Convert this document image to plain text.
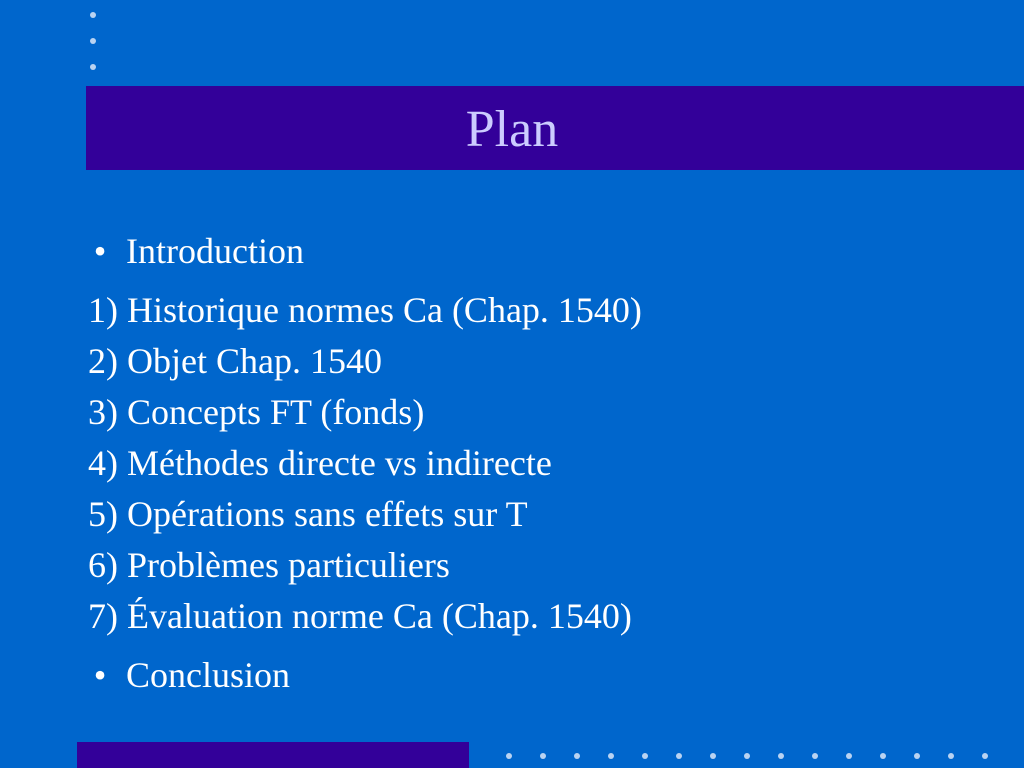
Plan
• Introduction
1) Historique normes Ca (Chap. 1540)
2) Objet Chap. 1540
3) Concepts FT (fonds)
4) Méthodes directe vs indirecte
5) Opérations sans effets sur T
6) Problèmes particuliers
7) Évaluation norme Ca (Chap. 1540)
• Conclusion
